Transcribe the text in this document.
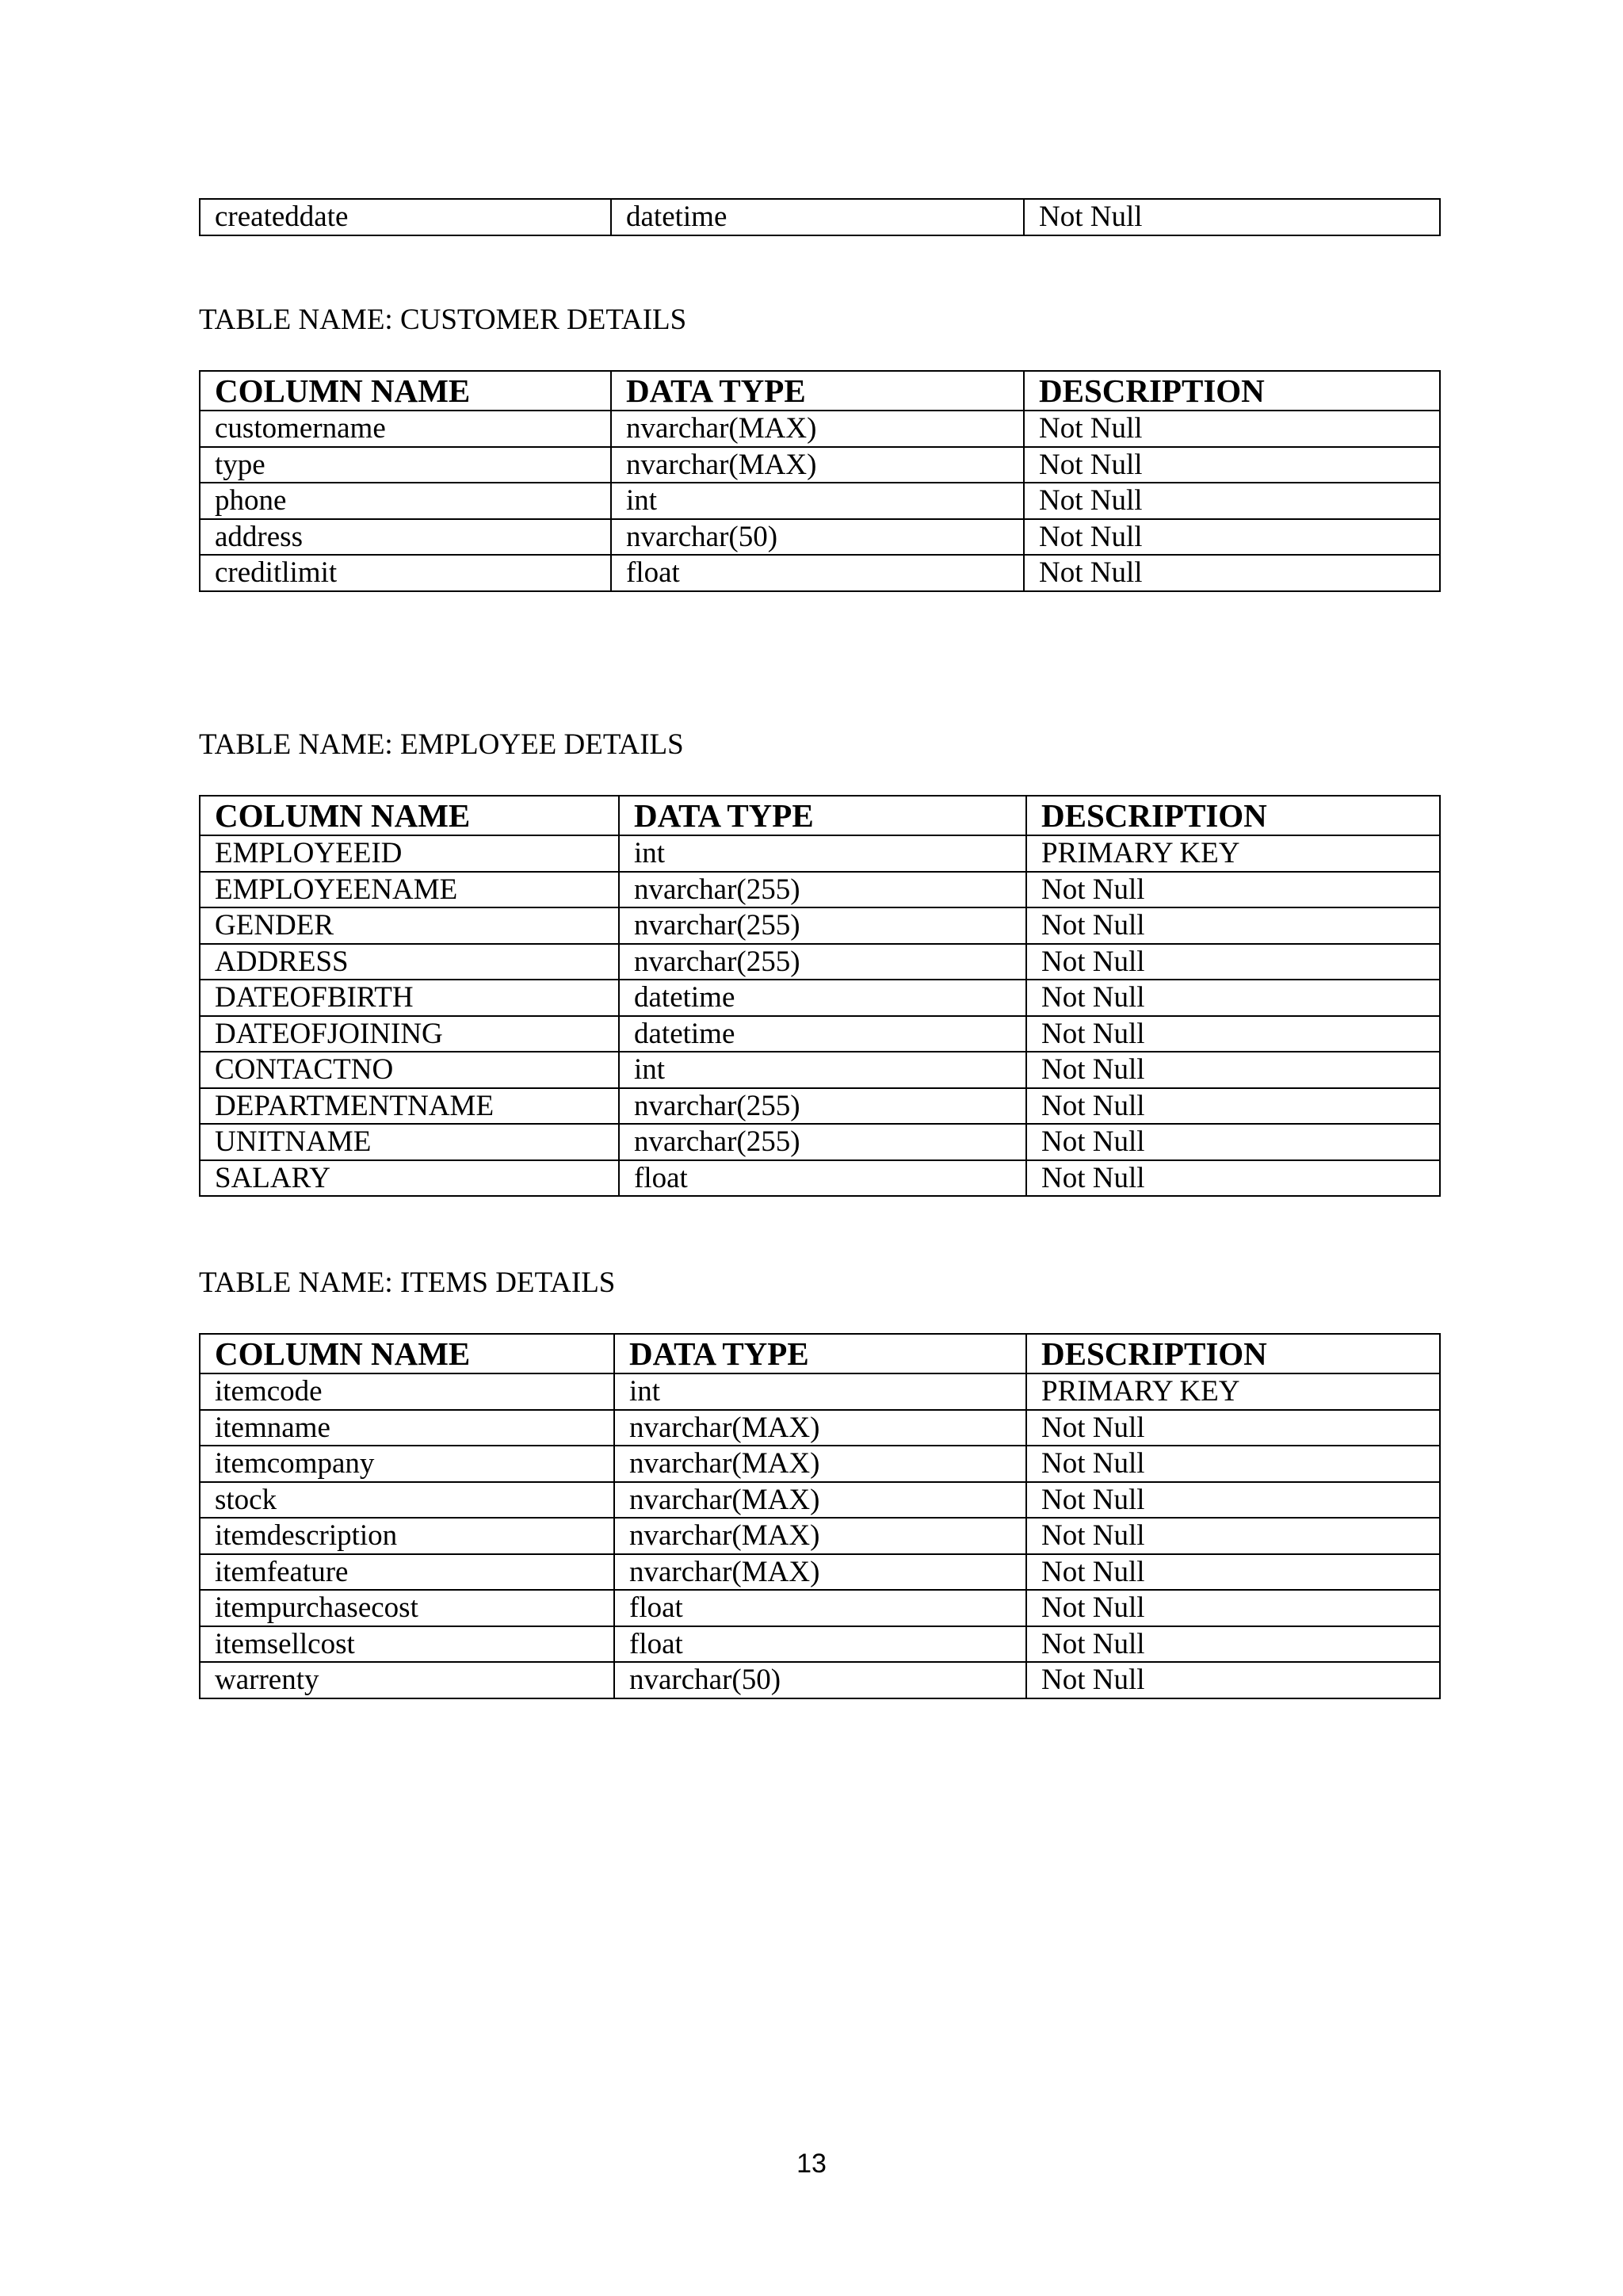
createddate	datetime	Not Null
TABLE NAME: CUSTOMER DETAILS
COLUMN NAME	DATA TYPE	DESCRIPTION
customername	nvarchar(MAX)	Not Null
type	nvarchar(MAX)	Not Null
phone	int	Not Null
address	nvarchar(50)	Not Null
creditlimit	float	Not Null
TABLE NAME: EMPLOYEE DETAILS
COLUMN NAME	DATA TYPE	DESCRIPTION
EMPLOYEEID	int	PRIMARY KEY
EMPLOYEENAME	nvarchar(255)	Not Null
GENDER	nvarchar(255)	Not Null
ADDRESS	nvarchar(255)	Not Null
DATEOFBIRTH	datetime	Not Null
DATEOFJOINING	datetime	Not Null
CONTACTNO	int	Not Null
DEPARTMENTNAME	nvarchar(255)	Not Null
UNITNAME	nvarchar(255)	Not Null
SALARY	float	Not Null
TABLE NAME: ITEMS DETAILS
COLUMN NAME	DATA TYPE	DESCRIPTION
itemcode	int	PRIMARY KEY
itemname	nvarchar(MAX)	Not Null
itemcompany	nvarchar(MAX)	Not Null
stock	nvarchar(MAX)	Not Null
itemdescription	nvarchar(MAX)	Not Null
itemfeature	nvarchar(MAX)	Not Null
itempurchasecost	float	Not Null
itemsellcost	float	Not Null
warrenty	nvarchar(50)	Not Null
13
